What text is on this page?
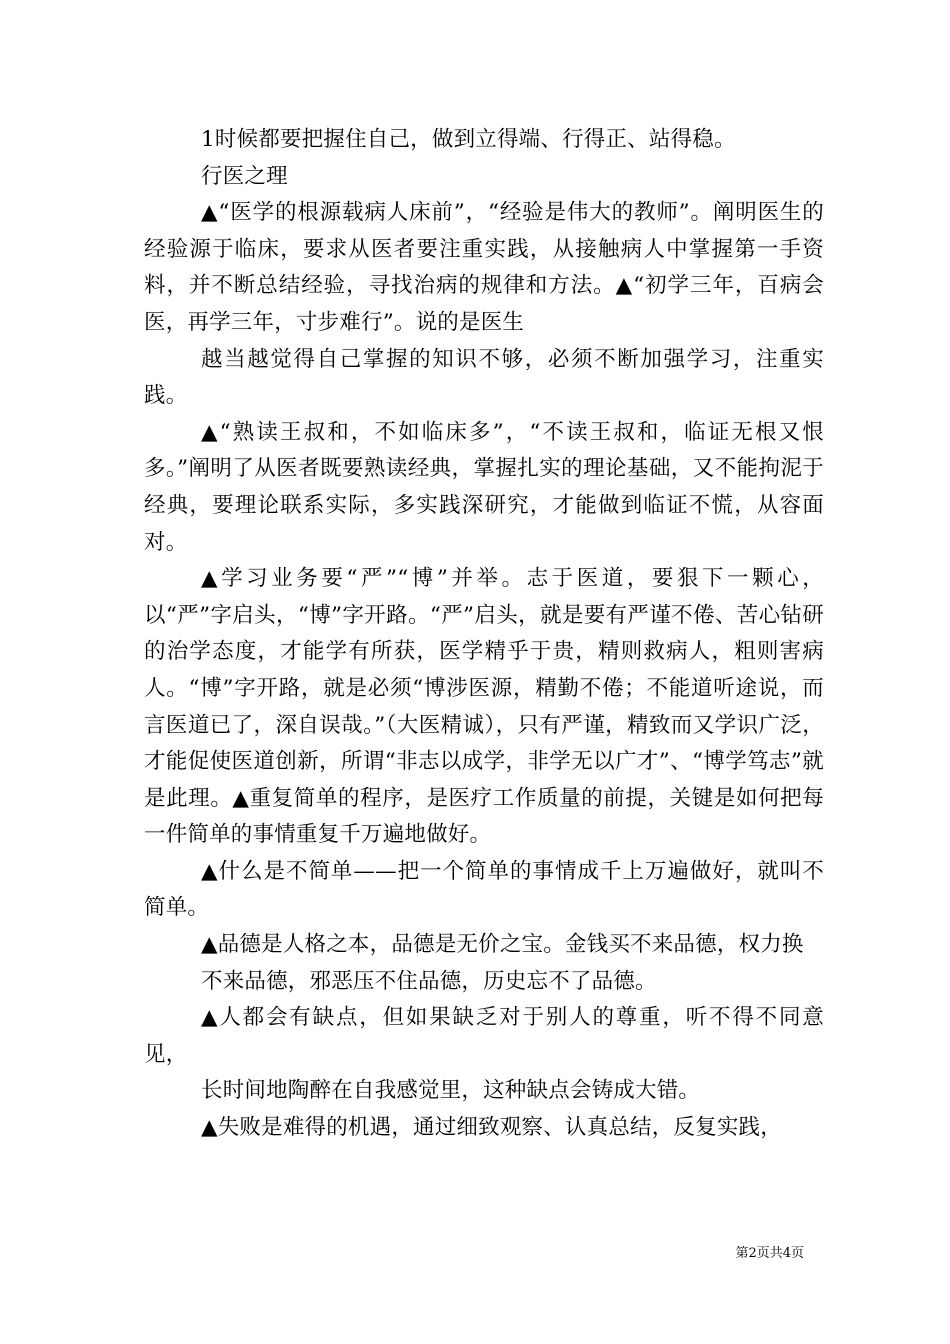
1时候都要把握住自己，做到立得端、行得正、站得稳。

行医之理

▲“医学的根源载病人床前”，“经验是伟大的教师”。阐明医生的经验源于临床，要求从医者要注重实践，从接触病人中掌握第一手资料，并不断总结经验，寻找治病的规律和方法。▲“初学三年，百病会医，再学三年，寸步难行”。说的是医生

越当越觉得自己掌握的知识不够，必须不断加强学习，注重实践。

▲“熟读王叔和，不如临床多”，“不读王叔和，临证无根又恨多。”阐明了从医者既要熟读经典，掌握扎实的理论基础，又不能拘泥于经典，要理论联系实际，多实践深研究，才能做到临证不慌，从容面对。

▲学习业务要“严”“博”并举。志于医道，要狠下一颗心，以“严”字启头，“博”字开路。“严”启头，就是要有严谨不倦、苦心钻研的治学态度，才能学有所获，医学精乎于贵，精则救病人，粗则害病人。“博”字开路，就是必须“博涉医源，精勤不倦；不能道听途说，而言医道已了，深自误哉。”（大医精诚），只有严谨，精致而又学识广泛，才能促使医道创新，所谓“非志以成学，非学无以广才”、“博学笃志”就是此理。▲重复简单的程序，是医疗工作质量的前提，关键是如何把每一件简单的事情重复千万遍地做好。

▲什么是不简单——把一个简单的事情成千上万遍做好，就叫不简单。

▲品德是人格之本，品德是无价之宝。金钱买不来品德，权力换

不来品德，邪恶压不住品德，历史忘不了品德。

▲人都会有缺点，但如果缺乏对于别人的尊重，听不得不同意见，

长时间地陶醉在自我感觉里，这种缺点会铸成大错。

▲失败是难得的机遇，通过细致观察、认真总结，反复实践，

第2页共4页
